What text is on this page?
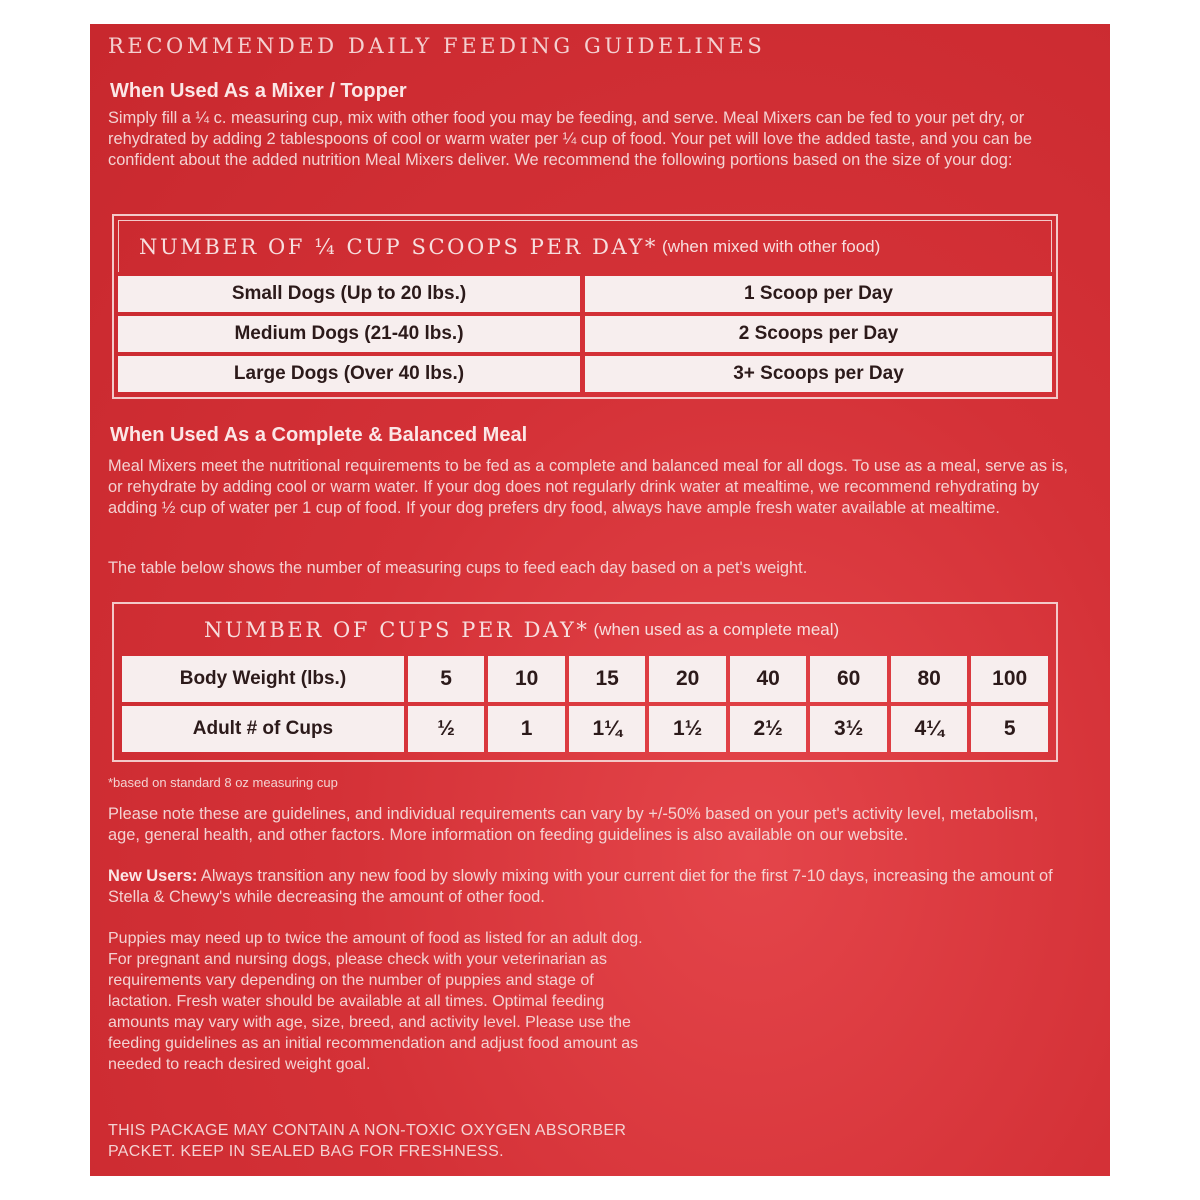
RECOMMENDED DAILY FEEDING GUIDELINES
When Used As a Mixer / Topper

Simply fill a ¼ c. measuring cup, mix with other food you may be feeding, and serve. Meal Mixers can be fed to your pet dry, or rehydrated by adding 2 tablespoons of cool or warm water per ¼ cup of food. Your pet will love the added taste, and you can be confident about the added nutrition Meal Mixers deliver. We recommend the following portions based on the size of your dog:

NUMBER OF ¼ CUP SCOOPS PER DAY* (when mixed with other food)
Small Dogs (Up to 20 lbs.)	1 Scoop per Day
Medium Dogs (21-40 lbs.)	2 Scoops per Day
Large Dogs (Over 40 lbs.)	3+ Scoops per Day
When Used As a Complete & Balanced Meal

Meal Mixers meet the nutritional requirements to be fed as a complete and balanced meal for all dogs. To use as a meal, serve as is, or rehydrate by adding cool or warm water. If your dog does not regularly drink water at mealtime, we recommend rehydrating by adding ½ cup of water per 1 cup of food. If your dog prefers dry food, always have ample fresh water available at mealtime.

The table below shows the number of measuring cups to feed each day based on a pet's weight.

NUMBER OF CUPS PER DAY* (when used as a complete meal)
Body Weight (lbs.)	5	10	15	20	40	60	80	100
Adult # of Cups	½	1	1¼	1½	2½	3½	4¼	5

*based on standard 8 oz measuring cup

Please note these are guidelines, and individual requirements can vary by +/-50% based on your pet's activity level, metabolism, age, general health, and other factors. More information on feeding guidelines is also available on our website.

New Users: Always transition any new food by slowly mixing with your current diet for the first 7-10 days, increasing the amount of Stella & Chewy's while decreasing the amount of other food.

Puppies may need up to twice the amount of food as listed for an adult dog. For pregnant and nursing dogs, please check with your veterinarian as requirements vary depending on the number of puppies and stage of lactation. Fresh water should be available at all times. Optimal feeding amounts may vary with age, size, breed, and activity level. Please use the feeding guidelines as an initial recommendation and adjust food amount as needed to reach desired weight goal.

THIS PACKAGE MAY CONTAIN A NON-TOXIC OXYGEN ABSORBER PACKET. KEEP IN SEALED BAG FOR FRESHNESS.
